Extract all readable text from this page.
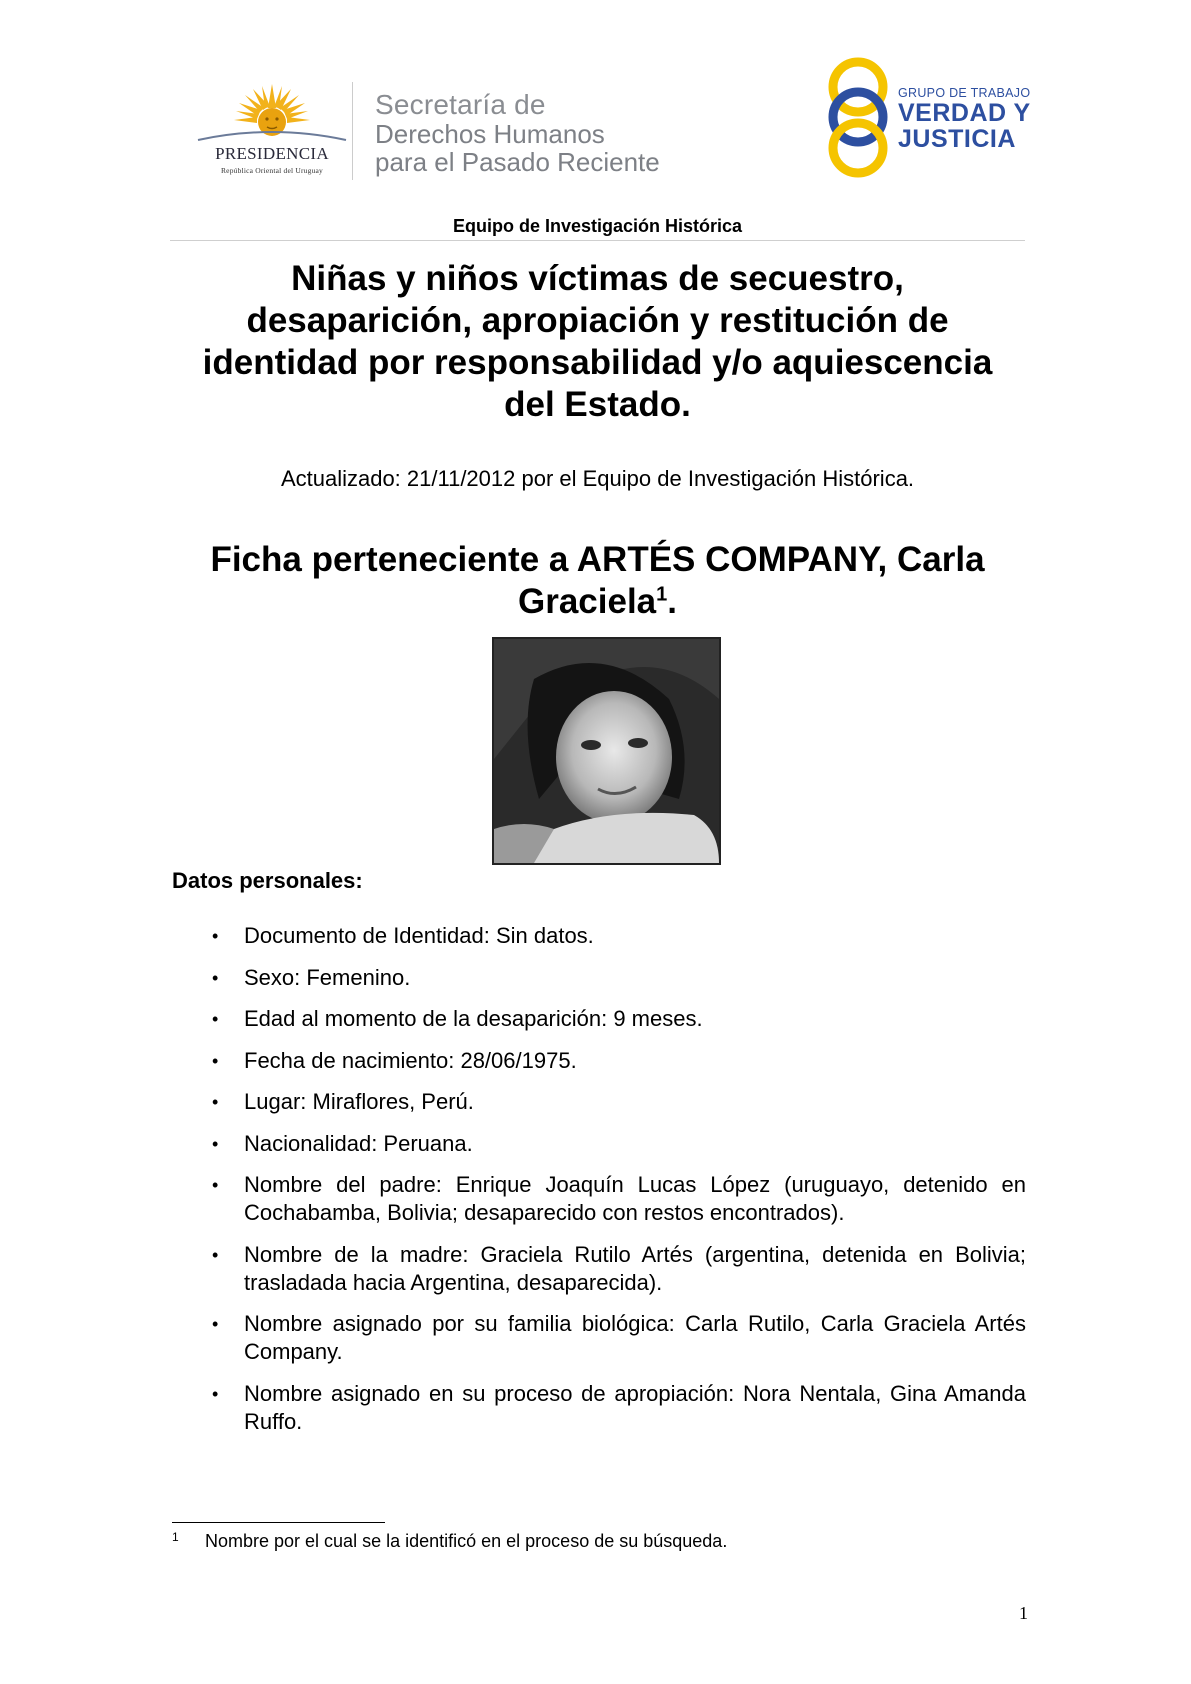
PRESIDENCIA
República Oriental del Uruguay
Secretaría de
Derechos Humanos
para el Pasado Reciente
GRUPO DE TRABAJO
VERDAD Y
JUSTICIA
Equipo de Investigación Histórica
Niñas y niños víctimas de secuestro,
desaparición, apropiación y restitución de
identidad por responsabilidad y/o aquiescencia
del Estado.
Actualizado: 21/11/2012 por el Equipo de Investigación Histórica.
Ficha perteneciente a ARTÉS COMPANY, Carla
Graciela$^1$.
Datos personales:
• Documento de Identidad: Sin datos.
• Sexo: Femenino.
• Edad al momento de la desaparición: 9 meses.
• Fecha de nacimiento: 28/06/1975.
• Lugar: Miraflores, Perú.
• Nacionalidad: Peruana.
• Nombre del padre: Enrique Joaquín Lucas López (uruguayo, detenido en Cochabamba, Bolivia; desaparecido con restos encontrados).
• Nombre de la madre: Graciela Rutilo Artés (argentina, detenida en Bolivia; trasladada hacia Argentina, desaparecida).
• Nombre asignado por su familia biológica: Carla Rutilo, Carla Graciela Artés Company.
• Nombre asignado en su proceso de apropiación: Nora Nentala, Gina Amanda Ruffo.
1 Nombre por el cual se la identificó en el proceso de su búsqueda.
1
